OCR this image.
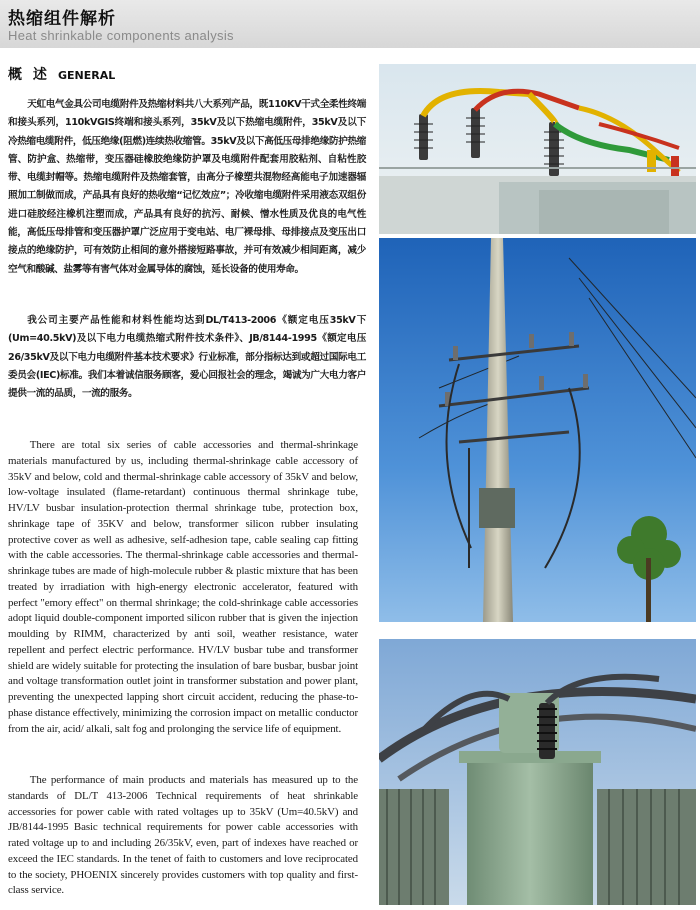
热缩组件解析
Heat shrinkable components analysis
概 述 GENERAL

天虹电气金具公司电缆附件及热缩材料共八大系列产品，既110KV干式全柔性终端和接头系列，110kVGIS终端和接头系列，35kV及以下热缩电缆附件，35kV及以下冷热缩电缆附件，低压绝缘(阻燃)连续热收缩管。35kV及以下高低压母排绝缘防护热缩管、防护盒、热缩带，变压器硅橡胶绝缘防护罩及电缆附件配套用胶粘剂、自粘性胶带、电缆封帽等。热缩电缆附件及热缩套管，由高分子橡塑共混物经高能电子加速器辐照加工制做而成，产品具有良好的热收缩“记忆效应”；冷收缩电缆附件采用液态双组份进口硅胶经注橡机注塑而成，产品具有良好的抗污、耐候、憎水性质及优良的电气性能，高低压母排管和变压器护罩广泛应用于变电站、电厂裸母排、母排接点及变压出口接点的绝缘防护，可有效防止相间的意外搭接短路事故，并可有效减少相间距离，减少空气和酸碱、盐雾等有害气体对金属导体的腐蚀，延长设备的使用寿命。

我公司主要产品性能和材料性能均达到DL/T413-2006《额定电压35kV下(Um=40.5kV)及以下电力电缆热缩式附件技术条件》、JB/8144-1995《额定电压26/35kV及以下电力电缆附件基本技术要求》行业标准，部分指标达到或超过国际电工委员会(IEC)标准。我们本着诚信服务顾客，爱心回报社会的理念，竭诚为广大电力客户提供一流的品质，一流的服务。

There are total six series of cable accessories and thermal-shrinkage materials manufactured by us, including thermal-shrinkage cable accessory of 35kV and below, cold and thermal-shrinkage cable accessory of 35kV and below, low-voltage insulated (flame-retardant) continuous thermal shrinkage tube, HV/LV busbar insulation-protection thermal shrinkage tube, protection box, shrinkage tape of 35KV and below, transformer silicon rubber insulating protective cover as well as adhesive, self-adhesion tape, cable sealing cap fitting with the cable accessories. The thermal-shrinkage cable accessories and thermal-shrinkage tubes are made of high-molecule rubber & plastic mixture that has been treated by irradiation with high-energy electronic accelerator, featured with perfect "emory effect" on thermal shrinkage; the cold-shrinkage cable accessories adopt liquid double-component imported silicon rubber that is given the injection moulding by RIMM, characterized by anti soil, weather resistance, water repellent and perfect electric performance. HV/LV busbar tube and transformer shield are widely suitable for protecting the insulation of bare busbar, busbar joint and voltage transformation outlet joint in transformer substation and power plant, preventing the unexpected lapping short circuit accident, reducing the phase-to-phase distance effectively, minimizing the corrosion impact on metallic conductor from the air, acid/ alkali, salt fog and prolonging the service life of equipment.

The performance of main products and materials has measured up to the standards of DL/T 413-2006 Technical requirements of heat shrinkable accessories for power cable with rated voltages up to 35kV (Um=40.5kV) and JB/8144-1995 Basic technical requirements for power cable accessories with rated voltage up to and including 26/35kV, even, part of indexes have reached or exceed the IEC standards. In the tenet of faith to customers and love reciprocated to the society, PHOENIX sincerely provides customers with top quality and first-class service.
